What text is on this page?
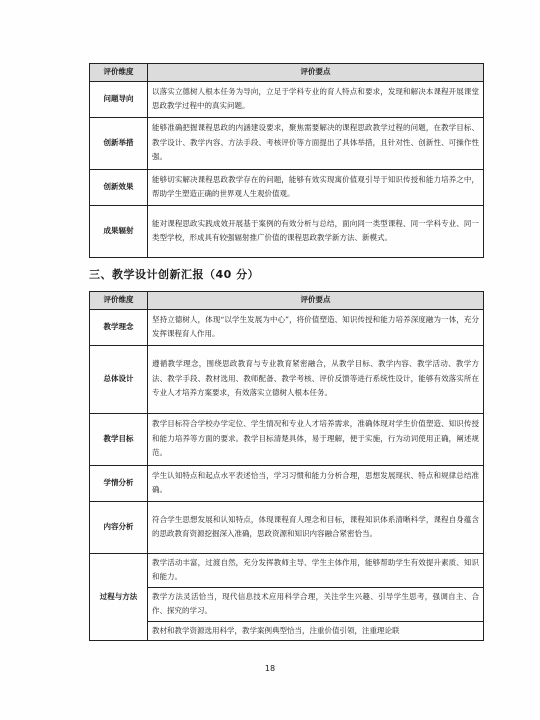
评价维度	评价要点
问题导向	以落实立德树人根本任务为导向，立足于学科专业的育人特点和要求，发现和解决本课程开展课堂思政教学过程中的真实问题。
创新举措	能够准确把握课程思政的内涵建设要求，聚焦需要解决的课程思政教学过程的问题，在教学目标、教学设计、教学内容、方法手段、考核评价等方面提出了具体举措，且针对性、创新性、可操作性强。
创新效果	能够切实解决课程思政教学存在的问题，能够有效实现寓价值观引导于知识传授和能力培养之中，帮助学生塑造正确的世界观人生观价值观。
成果辐射	能对课程思政实践成效开展基于案例的有效分析与总结，面向同一类型课程、同一学科专业、同一类型学校，形成具有较强辐射推广价值的课程思政教学新方法、新模式。
三、教学设计创新汇报（40 分）
评价维度	评价要点
教学理念	坚持立德树人，体现“以学生发展为中心”，将价值塑造、知识传授和能力培养深度融为一体，充分发挥课程育人作用。
总体设计	遵循教学理念，围绕思政教育与专业教育紧密融合，从教学目标、教学内容、教学活动、教学方法、教学手段、教材选用、教师配备、教学考核、评价反馈等进行系统性设计，能够有效落实所在专业人才培养方案要求，有效落实立德树人根本任务。
教学目标	教学目标符合学校办学定位、学生情况和专业人才培养需求，准确体现对学生价值塑造、知识传授和能力培养等方面的要求。教学目标清楚具体，易于理解，便于实施，行为动词使用正确，阐述规范。
学情分析	学生认知特点和起点水平表述恰当，学习习惯和能力分析合理，思想发展现状、特点和规律总结准确。
内容分析	符合学生思想发展和认知特点，体现课程育人理念和目标，课程知识体系清晰科学，课程自身蕴含的思政教育资源挖掘深入准确，思政资源和知识内容融合紧密恰当。
过程与方法	教学活动丰富，过渡自然，充分发挥教师主导、学生主体作用，能够帮助学生有效提升素质、知识和能力。
教学方法灵活恰当，现代信息技术应用科学合理，关注学生兴趣、引导学生思考，强调自主、合作、探究的学习。
教材和教学资源选用科学，教学案例典型恰当，注重价值引领，注重理论联
18
